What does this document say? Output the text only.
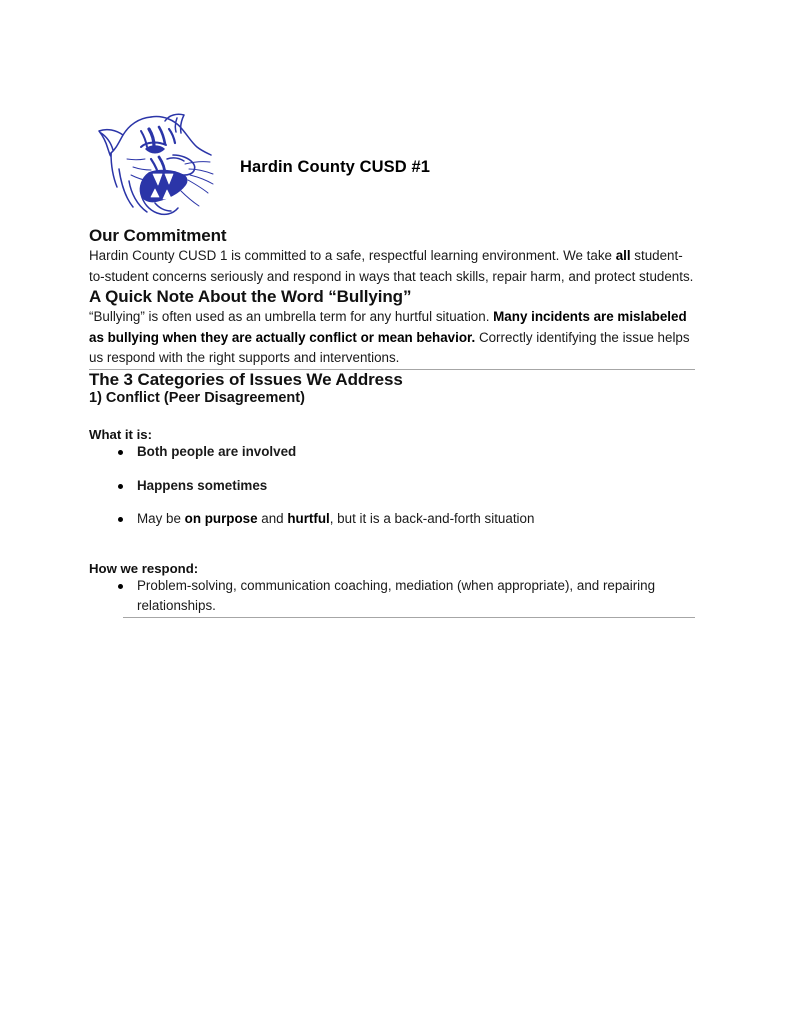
Hardin County CUSD #1
Our Commitment

Hardin County CUSD 1 is committed to a safe, respectful learning environment. We take all student-to-student concerns seriously and respond in ways that teach skills, repair harm, and protect students.

A Quick Note About the Word “Bullying”

“Bullying” is often used as an umbrella term for any hurtful situation. Many incidents are mislabeled as bullying when they are actually conflict or mean behavior. Correctly identifying the issue helps us respond with the right supports and interventions.

The 3 Categories of Issues We Address
1) Conflict (Peer Disagreement)

What it is:

Both people are involved
Happens sometimes
May be on purpose and hurtful, but it is a back-and-forth situation

How we respond:

Problem-solving, communication coaching, mediation (when appropriate), and repairing relationships.
